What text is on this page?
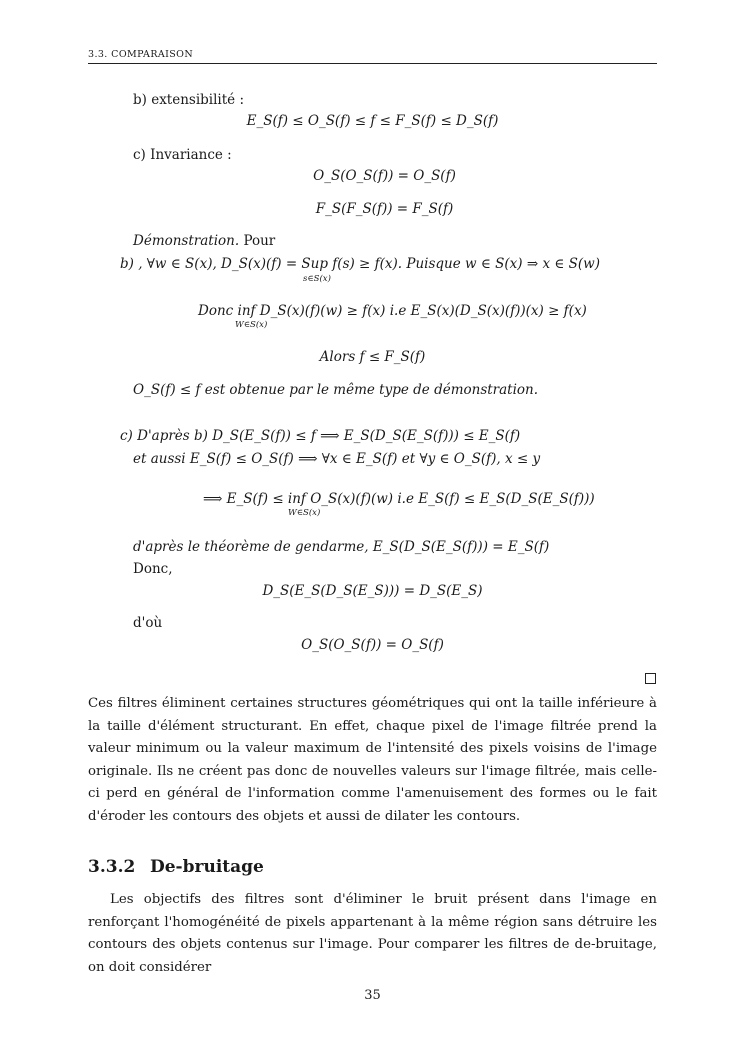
3.3. COMPARAISON
b) extensibilité :
E_S(f) ≤ O_S(f) ≤ f ≤ F_S(f) ≤ D_S(f)
c) Invariance :
O_S(O_S(f)) = O_S(f)
F_S(F_S(f)) = F_S(f)
Démonstration. Pour
b) , ∀w ∈ S(x), D_S(x)(f) = Sup f(s) ≥ f(x). Puisque w ∈ S(x) ⇒ x ∈ S(w)
s∈S(x)
Donc inf D_S(x)(f)(w) ≥ f(x) i.e E_S(x)(D_S(x)(f))(x) ≥ f(x)
W∈S(x)
Alors f ≤ F_S(f)
O_S(f) ≤ f est obtenue par le même type de démonstration.
c) D'après b) D_S(E_S(f)) ≤ f ⟹ E_S(D_S(E_S(f))) ≤ E_S(f)
et aussi E_S(f) ≤ O_S(f) ⟹ ∀x ∈ E_S(f) et ∀y ∈ O_S(f), x ≤ y
⟹ E_S(f) ≤ inf O_S(x)(f)(w) i.e E_S(f) ≤ E_S(D_S(E_S(f)))
W∈S(x)
d'après le théorème de gendarme, E_S(D_S(E_S(f))) = E_S(f)
Donc,
D_S(E_S(D_S(E_S))) = D_S(E_S)
d'où
O_S(O_S(f)) = O_S(f)

Ces filtres éliminent certaines structures géométriques qui ont la taille inférieure à la taille d'élément structurant. En effet, chaque pixel de l'image filtrée prend la valeur minimum ou la valeur maximum de l'intensité des pixels voisins de l'image originale. Ils ne créent pas donc de nouvelles valeurs sur l'image filtrée, mais celle-ci perd en général de l'information comme l'amenuisement des formes ou le fait d'éroder les contours des objets et aussi de dilater les contours.

3.3.2 De-bruitage

Les objectifs des filtres sont d'éliminer le bruit présent dans l'image en renforçant l'homogénéité de pixels appartenant à la même région sans détruire les contours des objets contenus sur l'image. Pour comparer les filtres de de-bruitage, on doit considérer

35
